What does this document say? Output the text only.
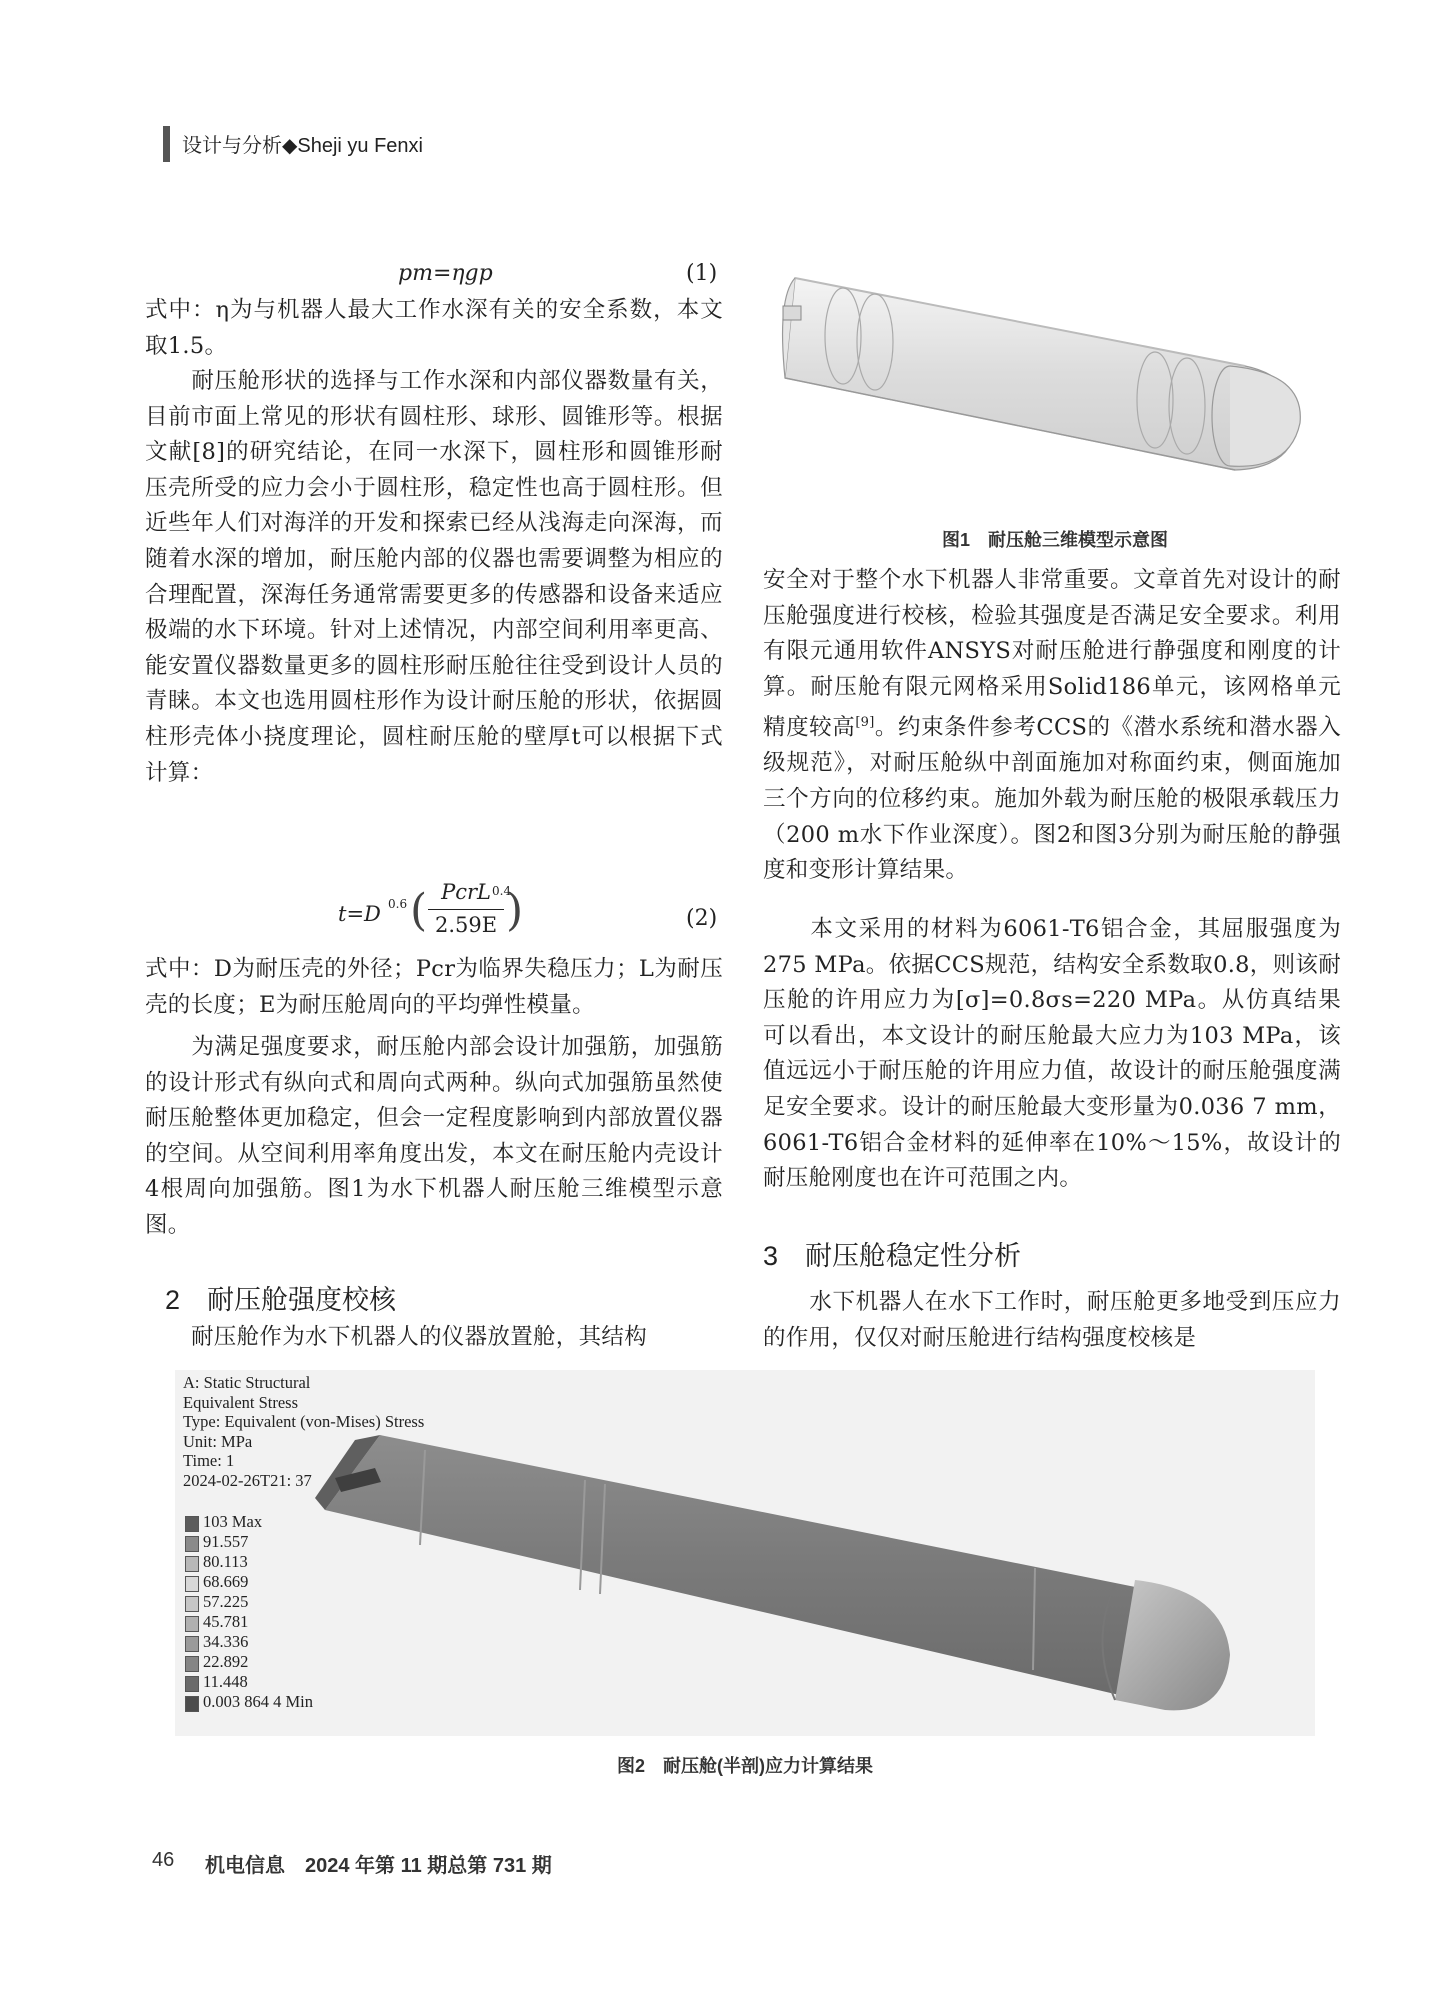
设计与分析◆Sheji yu Fenxi
pm=ηgp	(1)
式中：η为与机器人最大工作水深有关的安全系数，本文取1.5。
耐压舱形状的选择与工作水深和内部仪器数量有关，目前市面上常见的形状有圆柱形、球形、圆锥形等。根据文献[8]的研究结论，在同一水深下，圆柱形和圆锥形耐压壳所受的应力会小于圆柱形，稳定性也高于圆柱形。但近些年人们对海洋的开发和探索已经从浅海走向深海，而随着水深的增加，耐压舱内部的仪器也需要调整为相应的合理配置，深海任务通常需要更多的传感器和设备来适应极端的水下环境。针对上述情况，内部空间利用率更高、能安置仪器数量更多的圆柱形耐压舱往往受到设计人员的青睐。本文也选用圆柱形作为设计耐压舱的形状，依据圆柱形壳体小挠度理论，圆柱耐压舱的壁厚t可以根据下式计算：
t=D 0.6 ( PcrL
2.59E )
0.4
(2)
式中：D为耐压壳的外径；Pcr为临界失稳压力；L为耐压壳的长度；E为耐压舱周向的平均弹性模量。
为满足强度要求，耐压舱内部会设计加强筋，加强筋的设计形式有纵向式和周向式两种。纵向式加强筋虽然使耐压舱整体更加稳定，但会一定程度影响到内部放置仪器的空间。从空间利用率角度出发，本文在耐压舱内壳设计4根周向加强筋。图1为水下机器人耐压舱三维模型示意图。
2　耐压舱强度校核
耐压舱作为水下机器人的仪器放置舱，其结构
图1　耐压舱三维模型示意图
安全对于整个水下机器人非常重要。文章首先对设计的耐压舱强度进行校核，检验其强度是否满足安全要求。利用有限元通用软件ANSYS对耐压舱进行静强度和刚度的计算。耐压舱有限元网格采用Solid186单元，该网格单元精度较高[9]。约束条件参考CCS的《潜水系统和潜水器入级规范》，对耐压舱纵中剖面施加对称面约束，侧面施加三个方向的位移约束。施加外载为耐压舱的极限承载压力（200 m水下作业深度）。图2和图3分别为耐压舱的静强度和变形计算结果。
本文采用的材料为6061-T6铝合金，其屈服强度为275 MPa。依据CCS规范，结构安全系数取0.8，则该耐压舱的许用应力为[σ]=0.8σs=220 MPa。从仿真结果可以看出，本文设计的耐压舱最大应力为103 MPa，该值远远小于耐压舱的许用应力值，故设计的耐压舱强度满足安全要求。设计的耐压舱最大变形量为0.036 7 mm，6061-T6铝合金材料的延伸率在10%～15%，故设计的耐压舱刚度也在许可范围之内。
3　耐压舱稳定性分析
水下机器人在水下工作时，耐压舱更多地受到压应力的作用，仅仅对耐压舱进行结构强度校核是
A: Static Structural
Equivalent Stress
Type: Equivalent (von-Mises) Stress
Unit: MPa
Time: 1
2024-02-26T21: 37
103 Max
91.557
80.113
68.669
57.225
45.781
34.336
22.892
11.448
0.003 864 4 Min
图2　耐压舱(半剖)应力计算结果
46 机电信息　2024 年第 11 期总第 731 期
